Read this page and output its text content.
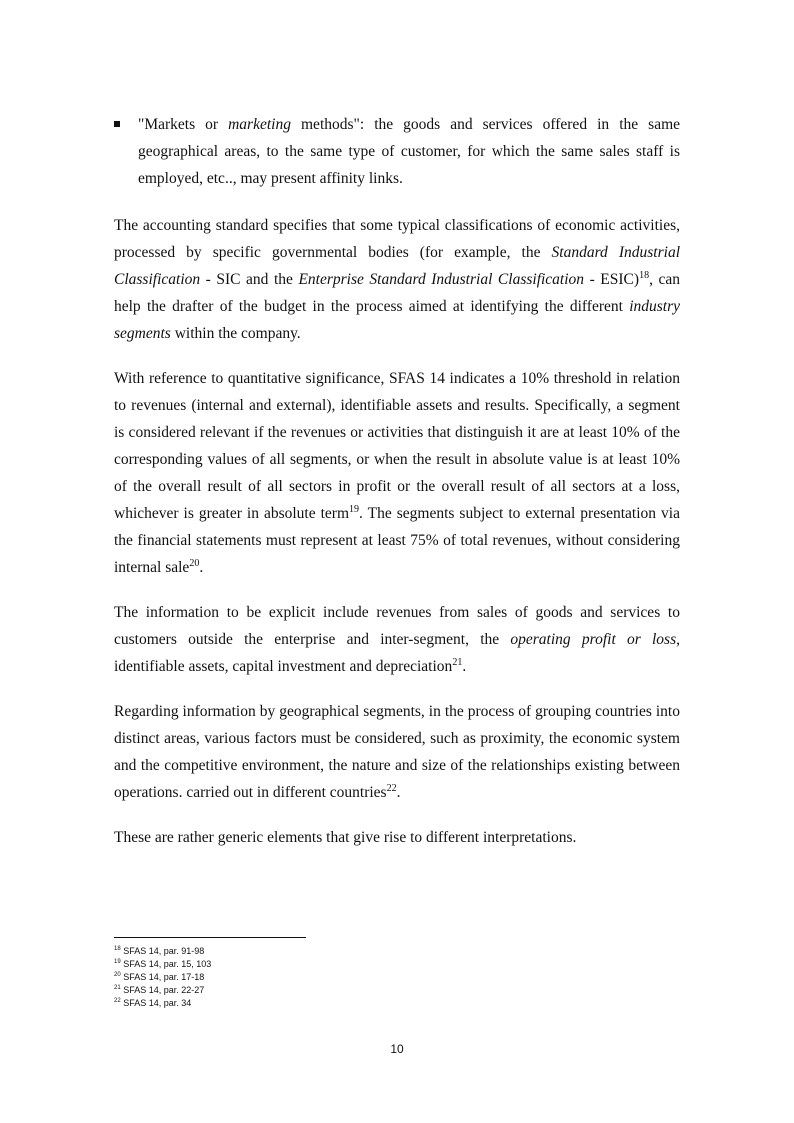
"Markets or marketing methods": the goods and services offered in the same geographical areas, to the same type of customer, for which the same sales staff is employed, etc.., may present affinity links.

The accounting standard specifies that some typical classifications of economic activities, processed by specific governmental bodies (for example, the Standard Industrial Classification - SIC and the Enterprise Standard Industrial Classification - ESIC)$^{18}$, can help the drafter of the budget in the process aimed at identifying the different industry segments within the company.

With reference to quantitative significance, SFAS 14 indicates a 10% threshold in relation to revenues (internal and external), identifiable assets and results. Specifically, a segment is considered relevant if the revenues or activities that distinguish it are at least 10% of the corresponding values of all segments, or when the result in absolute value is at least 10% of the overall result of all sectors in profit or the overall result of all sectors at a loss, whichever is greater in absolute term$^{19}$. The segments subject to external presentation via the financial statements must represent at least 75% of total revenues, without considering internal sale$^{20}$.

The information to be explicit include revenues from sales of goods and services to customers outside the enterprise and inter-segment, the operating profit or loss, identifiable assets, capital investment and depreciation$^{21}$.

Regarding information by geographical segments, in the process of grouping countries into distinct areas, various factors must be considered, such as proximity, the economic system and the competitive environment, the nature and size of the relationships existing between operations. carried out in different countries$^{22}$.

These are rather generic elements that give rise to different interpretations.

$^{18}$ SFAS 14, par. 91-98
$^{19}$ SFAS 14, par. 15, 103
$^{20}$ SFAS 14, par. 17-18
$^{21}$ SFAS 14, par. 22-27
$^{22}$ SFAS 14, par. 34
10
